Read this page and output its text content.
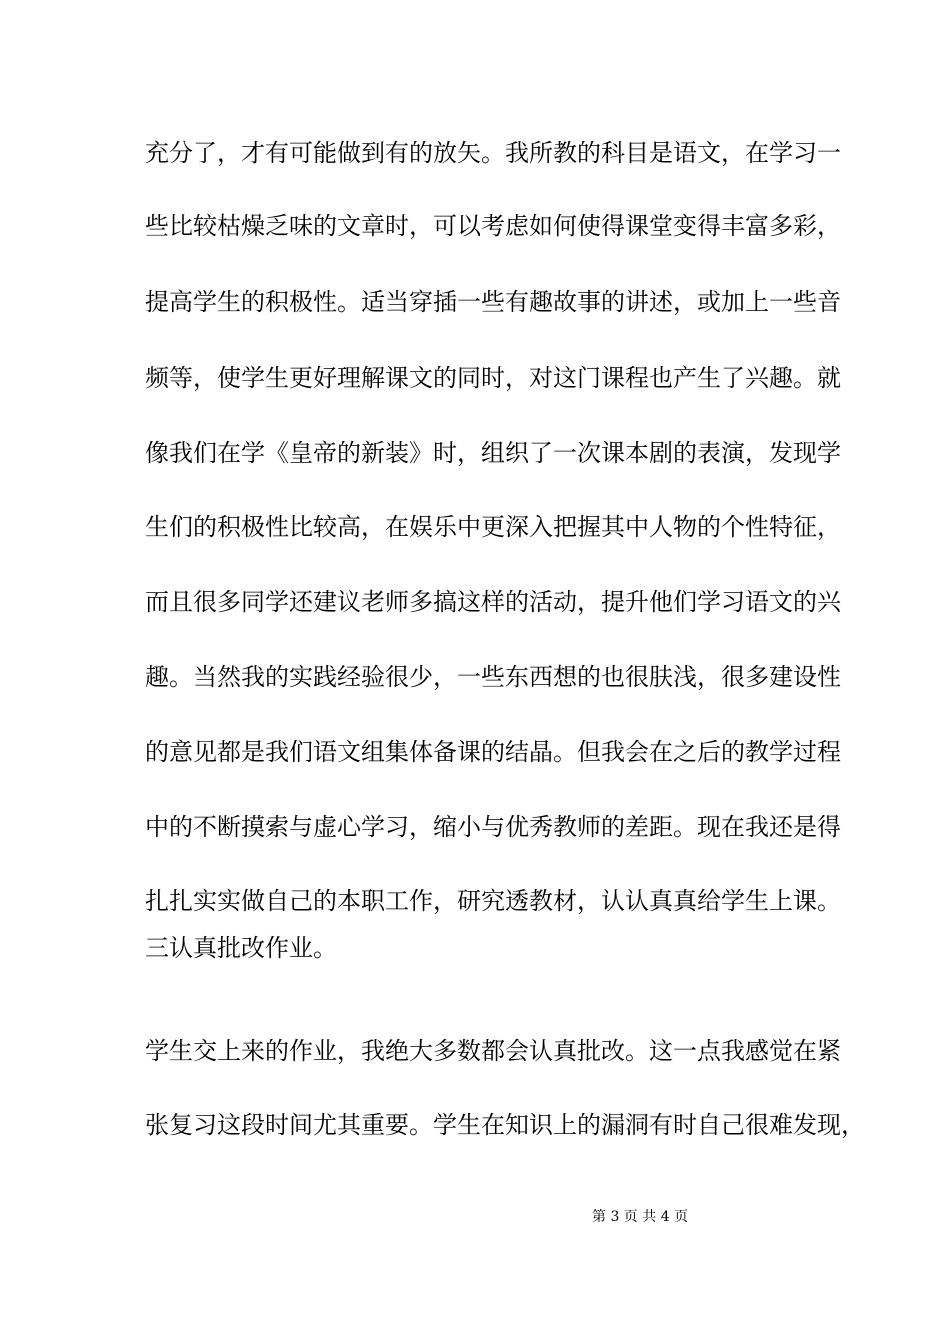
充分了，才有可能做到有的放矢。我所教的科目是语文，在学习一
些比较枯燥乏味的文章时，可以考虑如何使得课堂变得丰富多彩，
提高学生的积极性。适当穿插一些有趣故事的讲述，或加上一些音
频等，使学生更好理解课文的同时，对这门课程也产生了兴趣。就
像我们在学《皇帝的新装》时，组织了一次课本剧的表演，发现学
生们的积极性比较高，在娱乐中更深入把握其中人物的个性特征，
而且很多同学还建议老师多搞这样的活动，提升他们学习语文的兴
趣。当然我的实践经验很少，一些东西想的也很肤浅，很多建设性
的意见都是我们语文组集体备课的结晶。但我会在之后的教学过程
中的不断摸索与虚心学习，缩小与优秀教师的差距。现在我还是得
扎扎实实做自己的本职工作，研究透教材，认认真真给学生上课。
三认真批改作业。
学生交上来的作业，我绝大多数都会认真批改。这一点我感觉在紧
张复习这段时间尤其重要。学生在知识上的漏洞有时自己很难发现，
第 3 页 共 4 页
